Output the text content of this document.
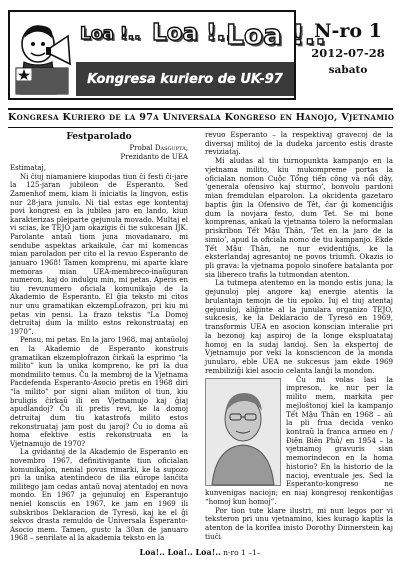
Loa !.. Loa !..
Loa !..
Kongresa kuriero de UK-97
N-ro 1
2012-07-28
sabato
Kongresa Kuriero de la 97a Universala Kongreso en Hanojo, Vjetnamio

Festparolado

Probal Dasgupta,

Prezidanto de UEA

Estimataj,

Ni ĉiuj niamaniere kiupodas tiun ĉi festi ĉi-jare la 125-jaran jubileon de Esperanto. Sed Zamenhof mem, kiam li iniciatis la lingvon, estis nur 28-jara junulo. Ni tial estas ege kontentaj povi kongresi en la jubilea jaro en lando, kiun karakterizas plejparte gejunula movado. Multaj el vi scias, ke TEJO jam okazigis ĉi tie sukcesan IJK. Parolante antaŭ tiom juna movadanaro, mi sendube aspektas arkaikule, ĉar mi komencas mian paroladon per cito el la revuo Esperanto de januaro 1968! Tamen komprenu, mi aparte klare memoras mian UEA-membreco-inaŭguran numeron, kaj do indulgu min, mi petas. Aperis en tiu revunumero oficiala komunikaĵo de la Akademio de Esperanto. El ĝia teksto mi citos nur unu gramatikan ekzempLofrazon, pri kiu mi petas vin pensi. La frazo tekstis “La Domoj detruitaj dum la milito estos rekonstruataj en 1970”.

Pensu, mi petas. En la jaro 1968, maj antaŭoloj en la Akademio de Esperanto konstruis gramatikan ekzemplofrazon ĉirkaŭ la esprimo “la milito” kun la unika kompreno, ke pri la dua mondmilito temus. Ĉu la membroj de la Vjetnama Pacdefenda Esperanto-Asocio pretis en 1968 diri “la milito” por signi alian militon ol tiun, kiu bruligis ĉirkaŭ ili en Vjetnamujo kaj ĝiaj apudlandoj? Ĉu ili pretis revi, ke la domoj detruitaj dum tiu katastrofa milito estos rekonstruataj jam post du jaroj? Ĉu io doma aŭ homa efektive estis rekonstruata en la Vjetnamujo de 1970?

La gvidantoj de la Akademio de Esperanto en novembro 1967, definitivigante tiun oficialan komunikaĵon, nenial povus rimarki, ke la supozo pri la unika atentindeco de ilia eŭrope lanĉita militego jam cedas antaŭ novaj atentadoj en nova mondo. En 1967 ja gejunuloj en Esperantujo neniel konsciis en 1967, ke jam en 1969 ili subskribos Deklaracion de Tyresö, kaj ke el ĝi sekvos drasta remuldo de Universala Esperanto-Asocio mem. Tamen, gustc la 30an de januaro 1968 – senrilate al la akademia teksto en la

revuo Esperanto – la respektivaj gravecoj de la diversaj militoj de la dudeka jarcento estis draste reviziataj.

Mi aludas al tiu turnopunkta kampanjo en la vjetnama milito, kiu mukompreme portas la oficialan nomon Cuộc Tổng tiến công và nổi dậy, ‘generala ofensivo kaj sturmo’, bonvolu pardoni mian fremdulan elparolon. La okcidenta gazetaro baptis ĝin la Ofensivo de Têt, ĉar ĝi komenciĝis dum la novjara festo, dum Tet. Se mi bone komprenas, ankaŭ la vjetnama tolero la neformalan priskribon Tết Mậu Thân, ‘Tet en la jaro de la simio’, apud la oficiala nomo de tiu kampanjo. Ekde Tết Mậu Thân, ne nur evidentiĝis, ke la eksterlandaj agresantoj ne povos triumfi. Okazis io pli grava: la vjetnama popolo sinofere batalanta por sia libereco trafis la tutmondan atenton.

La tutmepa atentemo en la mondo estis juna; la gejunuloj plej angore kaj energie atentis la brulantajn temojn de tiu epoko. Iuj el tiuj atentaj gejunuloj, aliĝinte al la junulara organizo TEJO, sukcesis, ke la Deklaracio de Tyresö en 1969, transformis UEA en asocion konscian interalie pri la bezonoj kaj aspiroj de la longe ekspluatataj homoj en la sudaj landoj. Sen la ekspertoj de Vjetnamujo por veki la konsciencon de la monda junularo, eble UEA ne sukcesus jam ekde 1969 rembiliziĝi kiel asocio celanta lanĝi la mondon.

Ĉu mi volas lasi la impreson, ke nur per la milito mem, markita per mejloŝtonoj kiel la kampanjo Tết Mậu Thân en 1968 – aŭ la pli frua decida venko kontraŭ la franca armeo en /Điện Biên Phủ/ en 1954 – la vjetnamoj gravuris sian memorindecon en la homa historio? En la historio de la nacioj, eventuale jes. Sed la Esperanto-kongreso ne kunvenigas naciojn; en niaj kongresoj renkontiĝas “homoj kun homoj”.

Por tion tute klare ilustri, mi nun legos por vi teksteron pri unu vjetnamino, kies kurago kaptis la atenton de la korifea inisto Dorothy Dinnerstein kaj tiuĉi

Loa!.. Loa!.. Loa!.. n-ro 1 –1–
